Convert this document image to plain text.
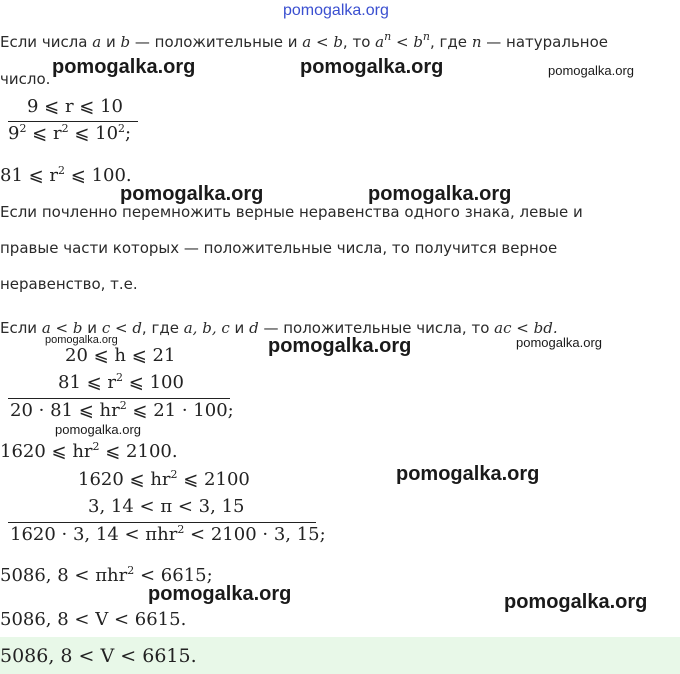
pomogalka.org
Если числа a и b — положительные и a < b, то $a^n < b^n$, где n — натуральное
число.
9 ⩽ r ⩽ 10
$9^2$ ⩽ $r^2$ ⩽ $10^2$;
81 ⩽ $r^2$ ⩽ 100.
Если почленно перемножить верные неравенства одного знака, левые и
правые части которых — положительные числа, то получится верное
неравенство, т.е.
Если a < b и c < d, где a, b, c и d — положительные числа, то ac < bd.
20 ⩽ h ⩽ 21
81 ⩽ $r^2$ ⩽ 100
20 · 81 ⩽ $hr^2$ ⩽ 21 · 100;
1620 ⩽ $hr^2$ ⩽ 2100.
1620 ⩽ $hr^2$ ⩽ 2100
3, 14 < π < 3, 15
1620 · 3, 14 < πhr$^2$ < 2100 · 3, 15;
5086, 8 < πhr$^2$ < 6615;
5086, 8 < V < 6615.
5086, 8 < V < 6615.
pomogalka.org	pomogalka.org	pomogalka.org
pomogalka.org	pomogalka.org
pomogalka.org	pomogalka.org	pomogalka.org
pomogalka.org
pomogalka.org
pomogalka.org	pomogalka.org
